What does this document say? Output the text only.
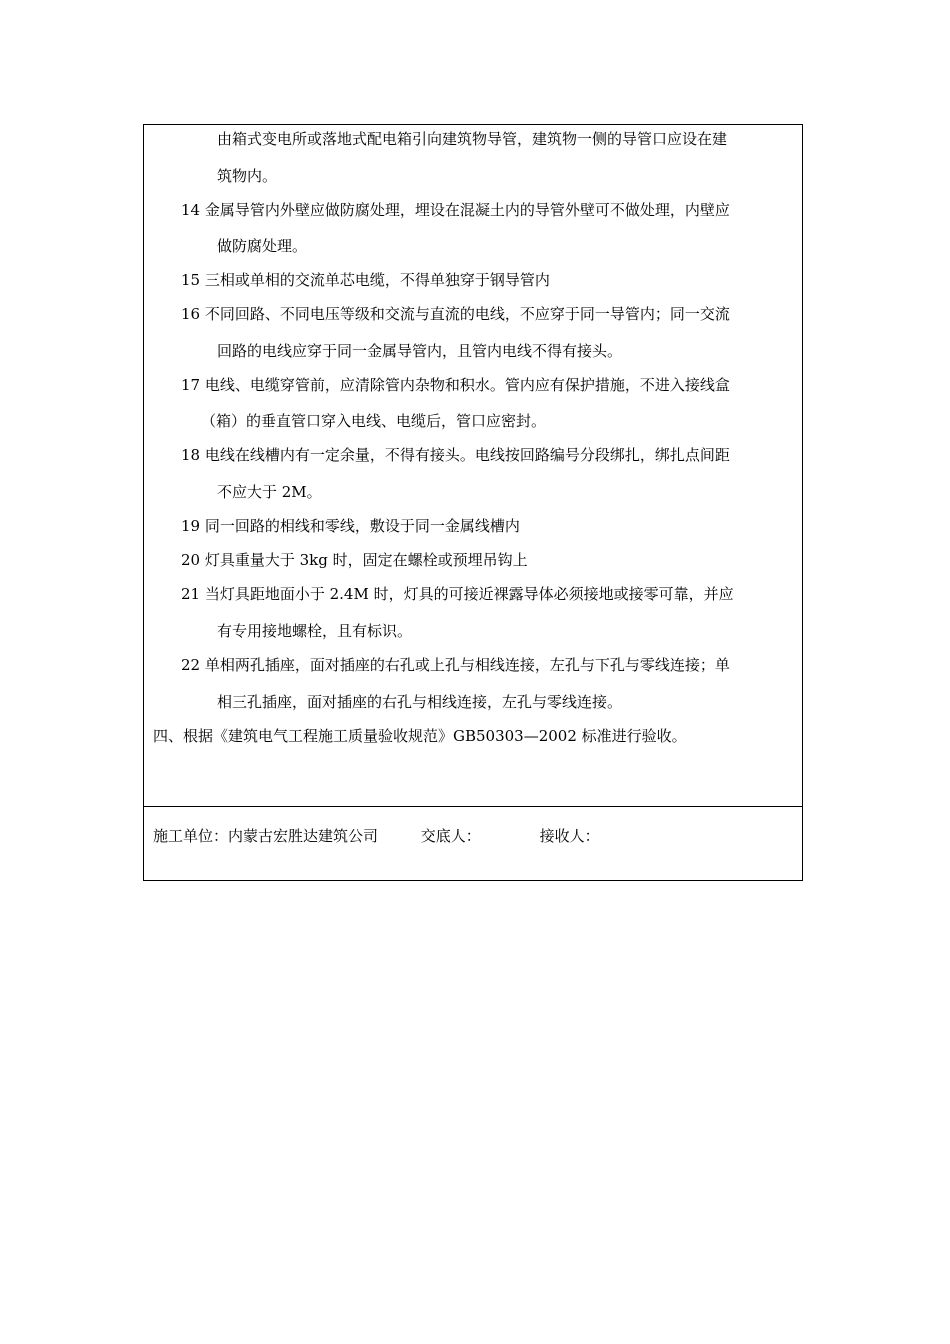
由箱式变电所或落地式配电箱引向建筑物导管，建筑物一侧的导管口应设在建
筑物内。
14 金属导管内外壁应做防腐处理，埋设在混凝土内的导管外壁可不做处理，内壁应
做防腐处理。
15 三相或单相的交流单芯电缆，不得单独穿于钢导管内
16 不同回路、不同电压等级和交流与直流的电线，不应穿于同一导管内；同一交流
回路的电线应穿于同一金属导管内，且管内电线不得有接头。
17 电线、电缆穿管前，应清除管内杂物和积水。管内应有保护措施，不进入接线盒
（箱）的垂直管口穿入电线、电缆后，管口应密封。
18 电线在线槽内有一定余量，不得有接头。电线按回路编号分段绑扎，绑扎点间距
不应大于 2M。
19 同一回路的相线和零线，敷设于同一金属线槽内
20 灯具重量大于 3kg 时，固定在螺栓或预埋吊钩上
21 当灯具距地面小于 2.4M 时，灯具的可接近裸露导体必须接地或接零可靠，并应
有专用接地螺栓，且有标识。
22 单相两孔插座，面对插座的右孔或上孔与相线连接，左孔与下孔与零线连接；单
相三孔插座，面对插座的右孔与相线连接，左孔与零线连接。
四、根据《建筑电气工程施工质量验收规范》GB50303—2002 标准进行验收。
施工单位：内蒙古宏胜达建筑公司	交底人：	接收人：
